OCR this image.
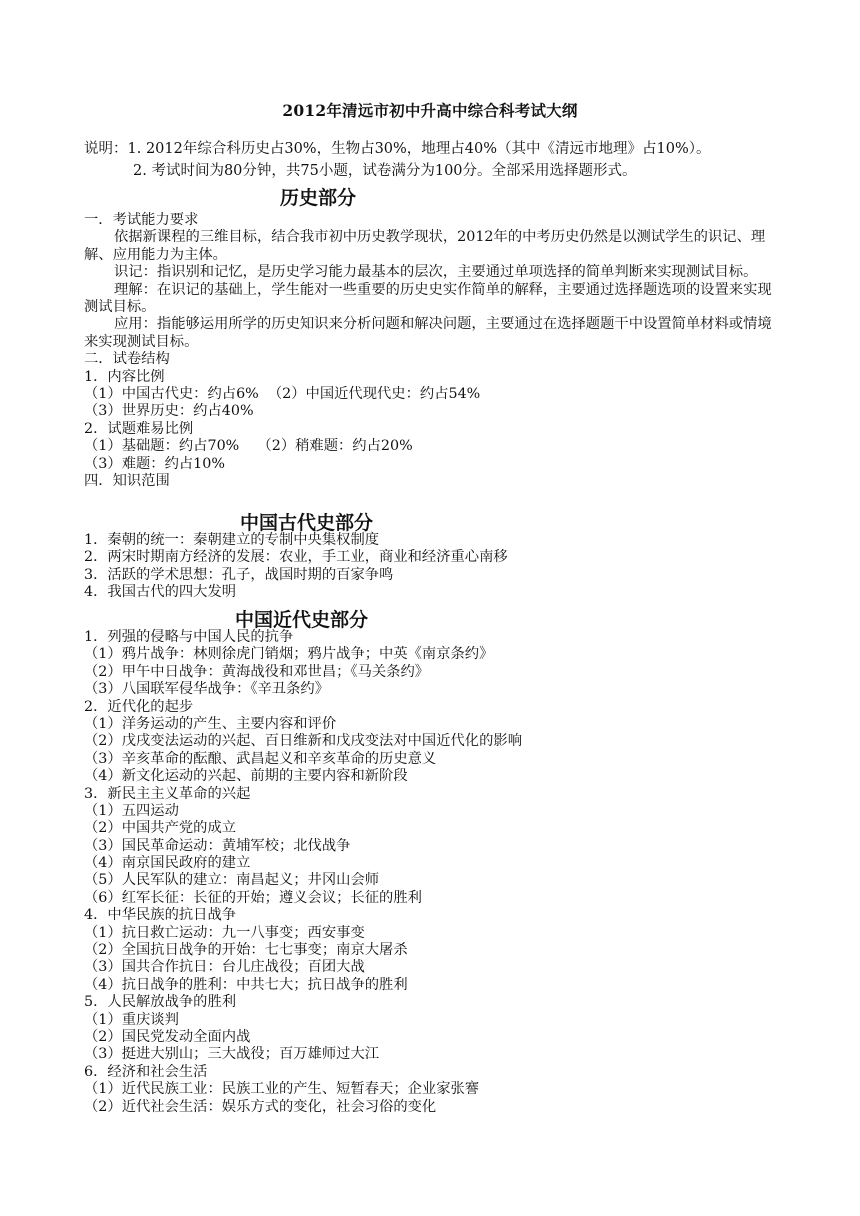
2012年清远市初中升高中综合科考试大纲
说明：1. 2012年综合科历史占30%，生物占30%，地理占40%（其中《清远市地理》占10%）。
2. 考试时间为80分钟，共75小题，试卷满分为100分。全部采用选择题形式。
历史部分
一．考试能力要求
依据新课程的三维目标，结合我市初中历史教学现状，2012年的中考历史仍然是以测试学生的识记、理解、应用能力为主体。
识记：指识别和记忆，是历史学习能力最基本的层次，主要通过单项选择的简单判断来实现测试目标。
理解：在识记的基础上，学生能对一些重要的历史史实作简单的解释，主要通过选择题选项的设置来实现测试目标。
应用：指能够运用所学的历史知识来分析问题和解决问题，主要通过在选择题题干中设置简单材料或情境来实现测试目标。
二．试卷结构
1．内容比例
（1）中国古代史：约占6%  （2）中国近代现代史：约占54%
（3）世界历史：约占40%
2．试题难易比例
（1）基础题：约占70%    （2）稍难题：约占20%
（3）难题：约占10%
四．知识范围
中国古代史部分
1．秦朝的统一：秦朝建立的专制中央集权制度
2．两宋时期南方经济的发展：农业，手工业，商业和经济重心南移
3．活跃的学术思想：孔子，战国时期的百家争鸣
4．我国古代的四大发明
中国近代史部分
1．列强的侵略与中国人民的抗争
（1）鸦片战争：林则徐虎门销烟；鸦片战争；中英《南京条约》
（2）甲午中日战争：黄海战役和邓世昌；《马关条约》
（3）八国联军侵华战争：《辛丑条约》
2．近代化的起步
（1）洋务运动的产生、主要内容和评价
（2）戊戌变法运动的兴起、百日维新和戊戌变法对中国近代化的影响
（3）辛亥革命的酝酿、武昌起义和辛亥革命的历史意义
（4）新文化运动的兴起、前期的主要内容和新阶段
3．新民主主义革命的兴起
（1）五四运动
（2）中国共产党的成立
（3）国民革命运动：黄埔军校；北伐战争
（4）南京国民政府的建立
（5）人民军队的建立：南昌起义；井冈山会师
（6）红军长征：长征的开始；遵义会议；长征的胜利
4．中华民族的抗日战争
（1）抗日救亡运动：九一八事变；西安事变
（2）全国抗日战争的开始：七七事变；南京大屠杀
（3）国共合作抗日：台儿庄战役；百团大战
（4）抗日战争的胜利：中共七大；抗日战争的胜利
5．人民解放战争的胜利
（1）重庆谈判
（2）国民党发动全面内战
（3）挺进大别山；三大战役；百万雄师过大江
6．经济和社会生活
（1）近代民族工业：民族工业的产生、短暂春天；企业家张謇
（2）近代社会生活：娱乐方式的变化，社会习俗的变化
